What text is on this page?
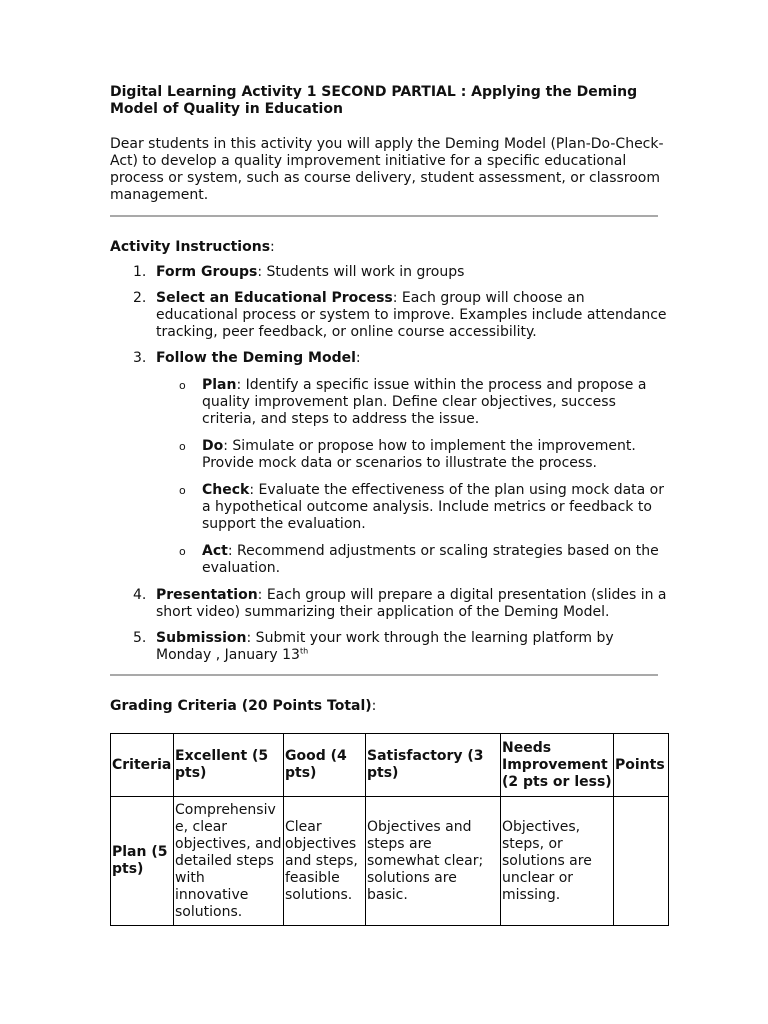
Digital Learning Activity 1 SECOND PARTIAL : Applying the Deming Model of Quality in Education

Dear students in this activity you will apply the Deming Model (Plan-Do-Check-Act) to develop a quality improvement initiative for a specific educational process or system, such as course delivery, student assessment, or classroom management.
Activity Instructions:
1. Form Groups: Students will work in groups
2. Select an Educational Process: Each group will choose an educational process or system to improve. Examples include attendance tracking, peer feedback, or online course accessibility.
3. Follow the Deming Model:
o Plan: Identify a specific issue within the process and propose a quality improvement plan. Define clear objectives, success criteria, and steps to address the issue.
o Do: Simulate or propose how to implement the improvement. Provide mock data or scenarios to illustrate the process.
o Check: Evaluate the effectiveness of the plan using mock data or a hypothetical outcome analysis. Include metrics or feedback to support the evaluation.
o Act: Recommend adjustments or scaling strategies based on the evaluation.
4. Presentation: Each group will prepare a digital presentation (slides in a short video) summarizing their application of the Deming Model.
5. Submission: Submit your work through the learning platform by Monday , January 13th
Grading Criteria (20 Points Total):
Criteria	Excellent (5 pts)	Good (4 pts)	Satisfactory (3 pts)	Needs Improvement (2 pts or less)	Points
Plan (5 pts)	Comprehensive, clear objectives, and detailed steps with innovative solutions.	Clear objectives and steps, feasible solutions.	Objectives and steps are somewhat clear; solutions are basic.	Objectives, steps, or solutions are unclear or missing.	
